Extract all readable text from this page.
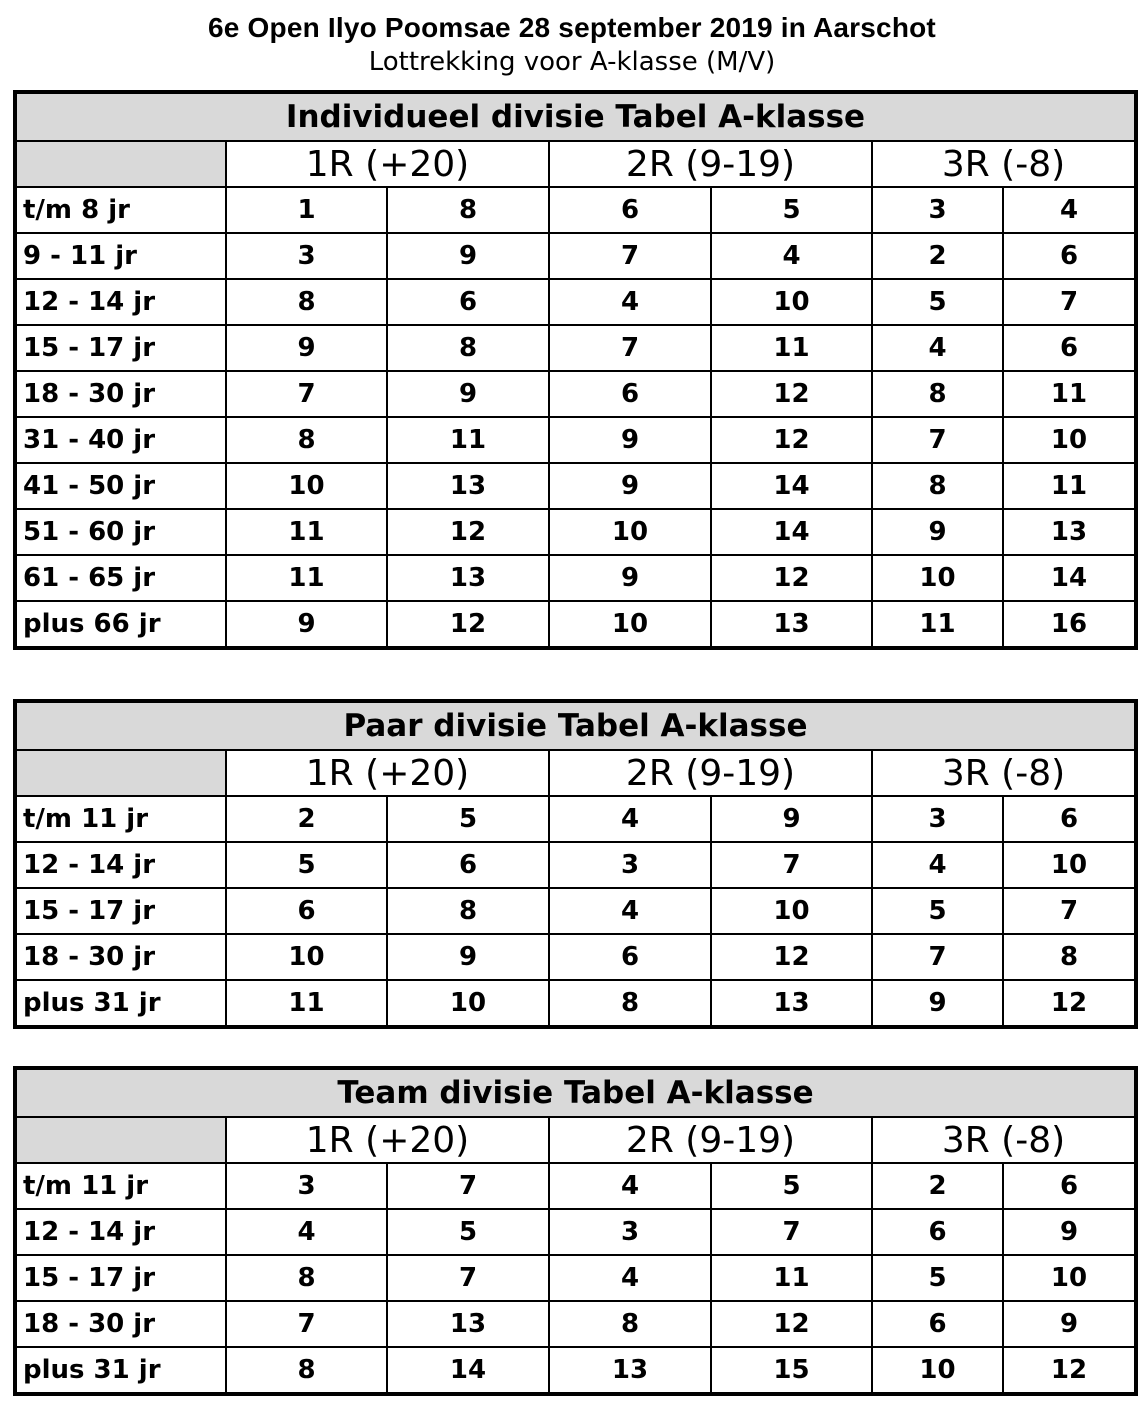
6e Open Ilyo Poomsae 28 september 2019 in Aarschot
Lottrekking voor A-klasse (M/V)
Individueel divisie Tabel A-klasse						
	1R (+20)		2R (9-19)		3R (-8)	
t/m 8 jr	1	8	6	5	3	4
9 - 11 jr	3	9	7	4	2	6
12 - 14 jr	8	6	4	10	5	7
15 - 17 jr	9	8	7	11	4	6
18 - 30 jr	7	9	6	12	8	11
31 - 40 jr	8	11	9	12	7	10
41 - 50 jr	10	13	9	14	8	11
51 - 60 jr	11	12	10	14	9	13
61 - 65 jr	11	13	9	12	10	14
plus 66 jr	9	12	10	13	11	16
Paar divisie Tabel A-klasse						
	1R (+20)		2R (9-19)		3R (-8)	
t/m 11 jr	2	5	4	9	3	6
12 - 14 jr	5	6	3	7	4	10
15 - 17 jr	6	8	4	10	5	7
18 - 30 jr	10	9	6	12	7	8
plus 31 jr	11	10	8	13	9	12
Team divisie Tabel A-klasse						
	1R (+20)		2R (9-19)		3R (-8)	
t/m 11 jr	3	7	4	5	2	6
12 - 14 jr	4	5	3	7	6	9
15 - 17 jr	8	7	4	11	5	10
18 - 30 jr	7	13	8	12	6	9
plus 31 jr	8	14	13	15	10	12
